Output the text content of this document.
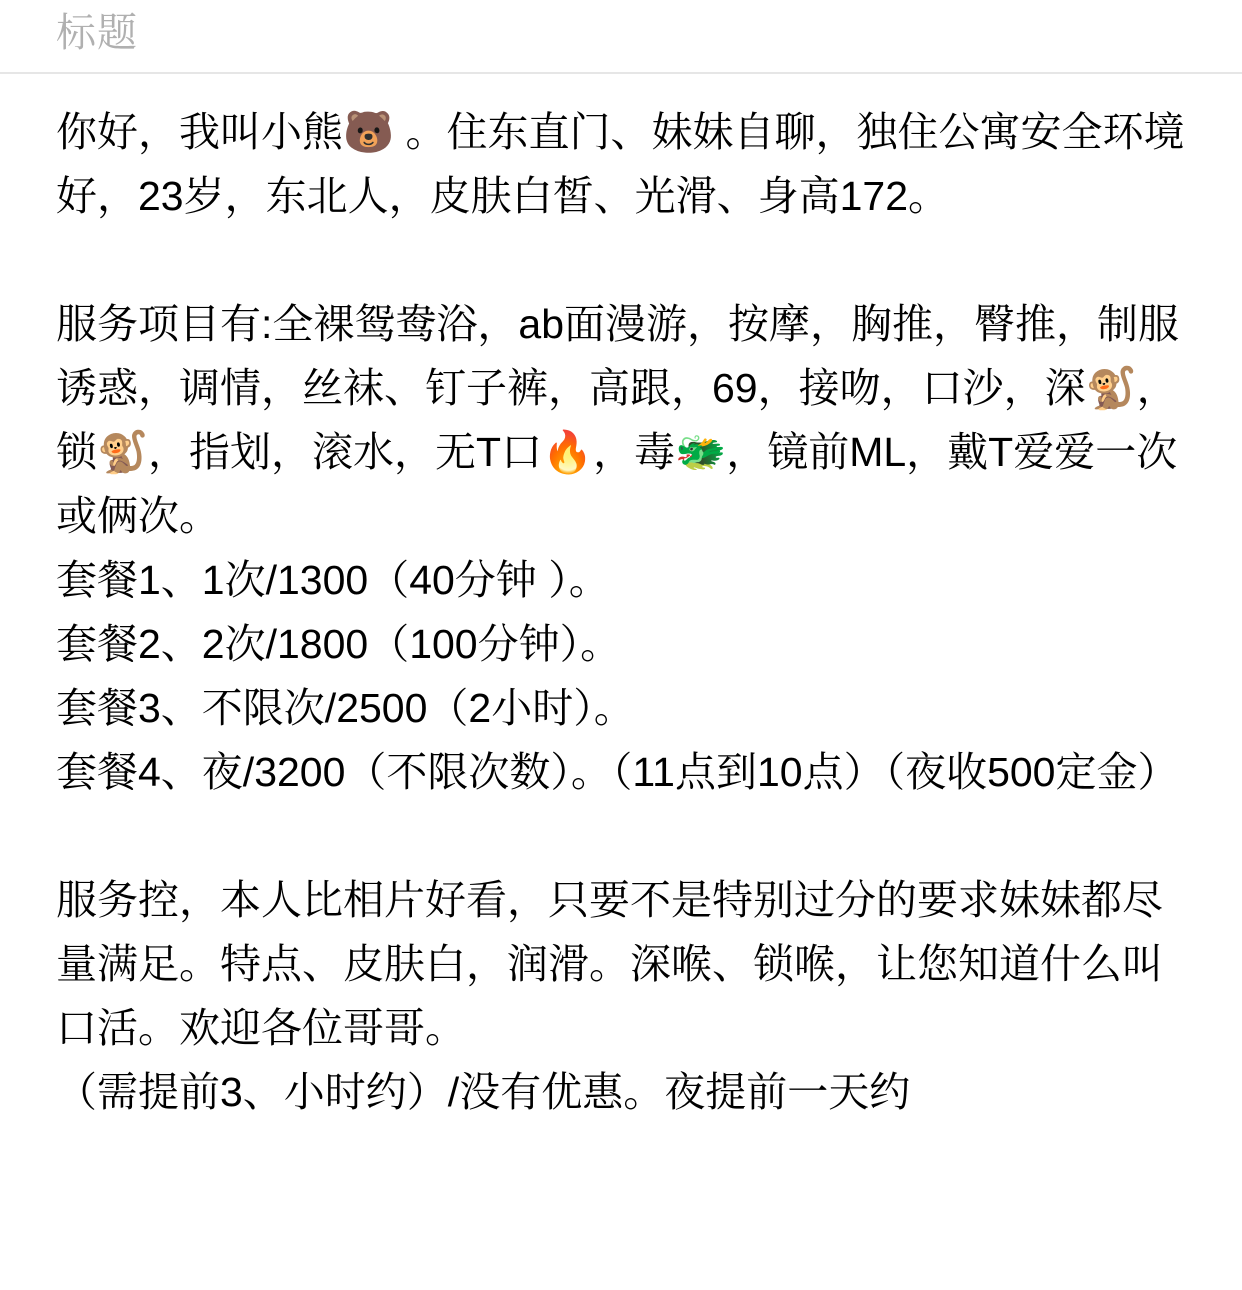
标题
你好，我叫小熊🐻 。住东直门、妹妹自聊，独住公寓安全环境好，23岁，东北人，皮肤白皙、光滑、身高172。
服务项目有:全裸鸳鸯浴，ab面漫游，按摩，胸推，臀推，制服诱惑，调情，丝袜、钉子裤，高跟，69，接吻，口沙，深🐒，锁🐒，指划，滚水，无T口🔥，毒🐲，镜前ML，戴T爱爱一次或俩次。
套餐1、1次/1300（40分钟 ）。
套餐2、2次/1800（100分钟）。
套餐3、不限次/2500（2小时）。
套餐4、夜/3200（不限次数）。（11点到10点）（夜收500定金）
服务控，本人比相片好看，只要不是特别过分的要求妹妹都尽量满足。特点、皮肤白，润滑。深喉、锁喉，让您知道什么叫口活。欢迎各位哥哥。
（需提前3、小时约）/没有优惠。夜提前一天约
